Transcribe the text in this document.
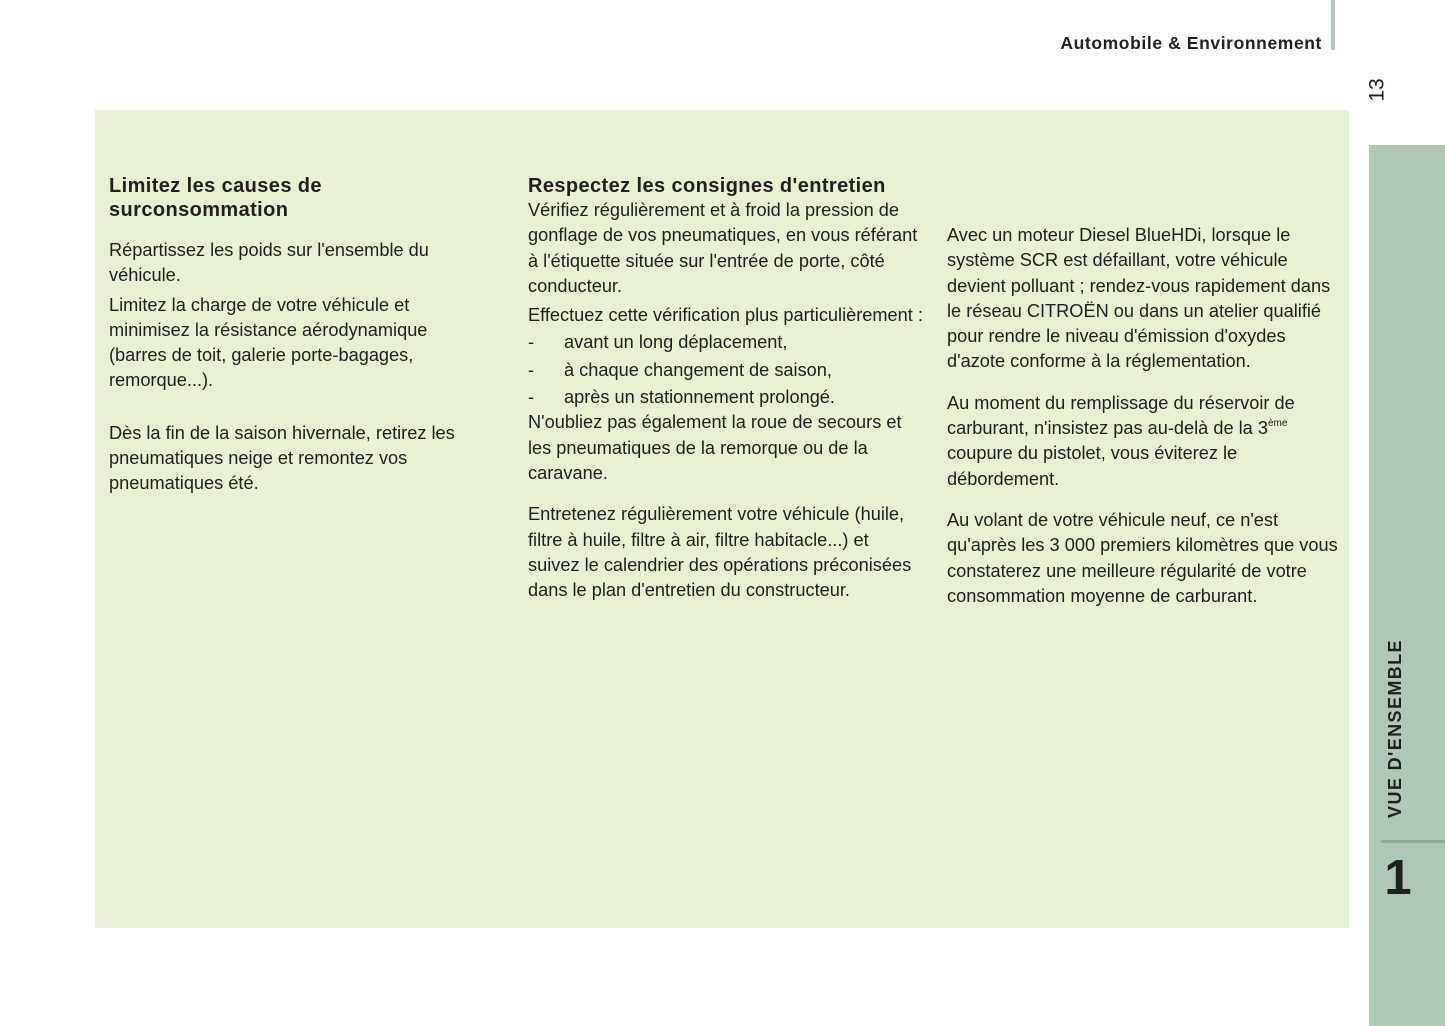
Automobile & Environnement
13
Limitez les causes de surconsommation

Répartissez les poids sur l'ensemble du véhicule.

Limitez la charge de votre véhicule et minimisez la résistance aérodynamique (barres de toit, galerie porte-bagages, remorque...).

Dès la fin de la saison hivernale, retirez les pneumatiques neige et remontez vos pneumatiques été.

Respectez les consignes d'entretien

Vérifiez régulièrement et à froid la pression de gonflage de vos pneumatiques, en vous référant à l'étiquette située sur l'entrée de porte, côté conducteur.

Effectuez cette vérification plus particulièrement :

-	avant un long déplacement,
-	à chaque changement de saison,
-	après un stationnement prolongé.

N'oubliez pas également la roue de secours et les pneumatiques de la remorque ou de la caravane.

Entretenez régulièrement votre véhicule (huile, filtre à huile, filtre à air, filtre habitacle...) et suivez le calendrier des opérations préconisées dans le plan d'entretien du constructeur.

Avec un moteur Diesel BlueHDi, lorsque le système SCR est défaillant, votre véhicule devient polluant ; rendez-vous rapidement dans le réseau CITROËN ou dans un atelier qualifié pour rendre le niveau d'émission d'oxydes d'azote conforme à la réglementation.

Au moment du remplissage du réservoir de carburant, n'insistez pas au-delà de la 3ème coupure du pistolet, vous éviterez le débordement.

Au volant de votre véhicule neuf, ce n'est qu'après les 3 000 premiers kilomètres que vous constaterez une meilleure régularité de votre consommation moyenne de carburant.

VUE D'ENSEMBLE
1
